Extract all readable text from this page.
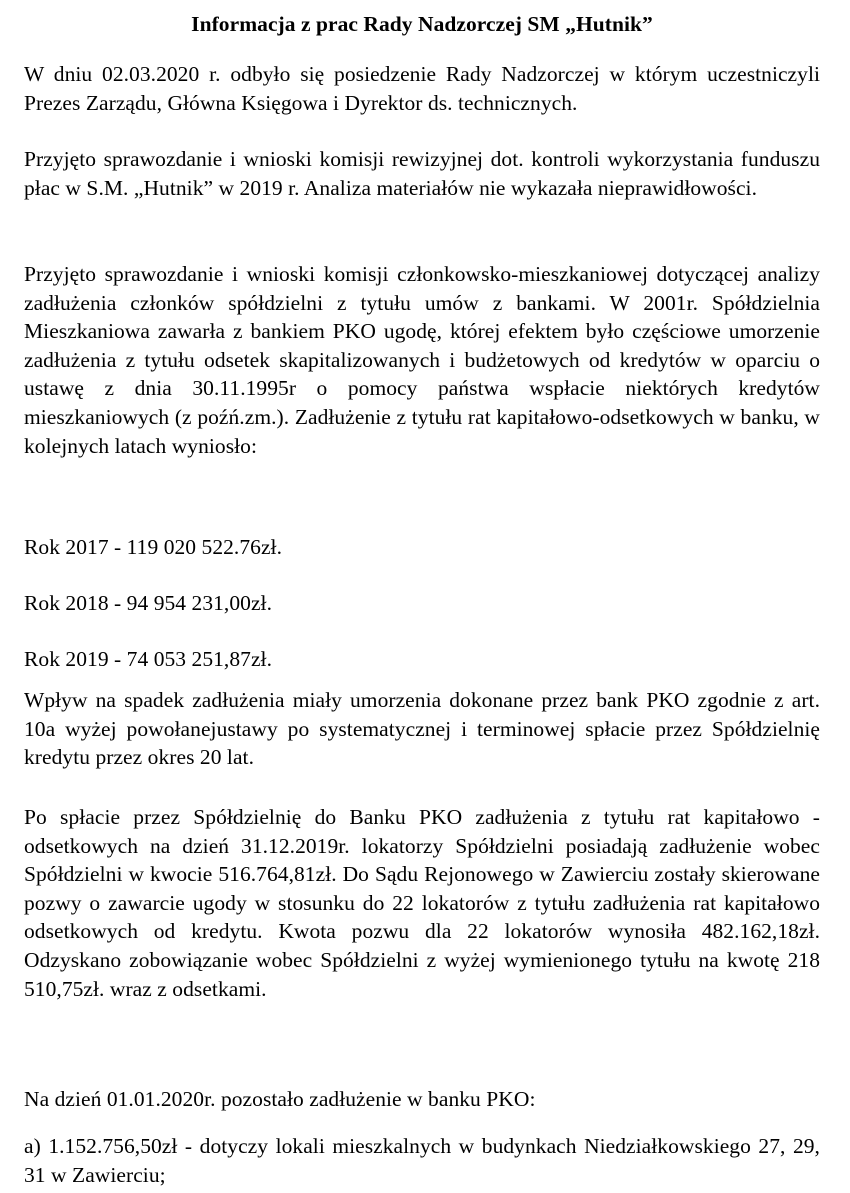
Informacja z prac Rady Nadzorczej SM „Hutnik”

W dniu 02.03.2020 r. odbyło się posiedzenie Rady Nadzorczej w którym uczestniczyli Prezes Zarządu, Główna Księgowa i Dyrektor ds. technicznych.

Przyjęto sprawozdanie i wnioski komisji rewizyjnej dot. kontroli wykorzystania funduszu płac w S.M. „Hutnik” w 2019 r. Analiza materiałów nie wykazała nieprawidłowości.

Przyjęto sprawozdanie i wnioski komisji członkowsko-mieszkaniowej dotyczącej analizy zadłużenia członków spółdzielni z tytułu umów z bankami. W 2001r. Spółdzielnia Mieszkaniowa zawarła z bankiem PKO ugodę, której efektem było częściowe umorzenie zadłużenia z tytułu odsetek skapitalizowanych i budżetowych od kredytów w oparciu o ustawę z dnia 30.11.1995r o pomocy państwa wspłacie niektórych kredytów mieszkaniowych (z poźń.zm.). Zadłużenie z tytułu rat kapitałowo-odsetkowych w banku, w kolejnych latach wyniosło:

Rok 2017 - 119 020 522.76zł.

Rok 2018 - 94 954 231,00zł.

Rok 2019 - 74 053 251,87zł.

Wpływ na spadek zadłużenia miały umorzenia dokonane przez bank PKO zgodnie z art. 10a wyżej powołanejustawy po systematycznej i terminowej spłacie przez Spółdzielnię kredytu przez okres 20 lat.

Po spłacie przez Spółdzielnię do Banku PKO zadłużenia z tytułu rat kapitałowo - odsetkowych na dzień 31.12.2019r. lokatorzy Spółdzielni posiadają zadłużenie wobec Spółdzielni w kwocie 516.764,81zł. Do Sądu Rejonowego w Zawierciu zostały skierowane pozwy o zawarcie ugody w stosunku do 22 lokatorów z tytułu zadłużenia rat kapitałowo odsetkowych od kredytu. Kwota pozwu dla 22 lokatorów wynosiła 482.162,18zł. Odzyskano zobowiązanie wobec Spółdzielni z wyżej wymienionego tytułu na kwotę 218 510,75zł. wraz z odsetkami.

Na dzień 01.01.2020r. pozostało zadłużenie w banku PKO:

a) 1.152.756,50zł - dotyczy lokali mieszkalnych w budynkach Niedziałkowskiego 27, 29, 31 w Zawierciu;
